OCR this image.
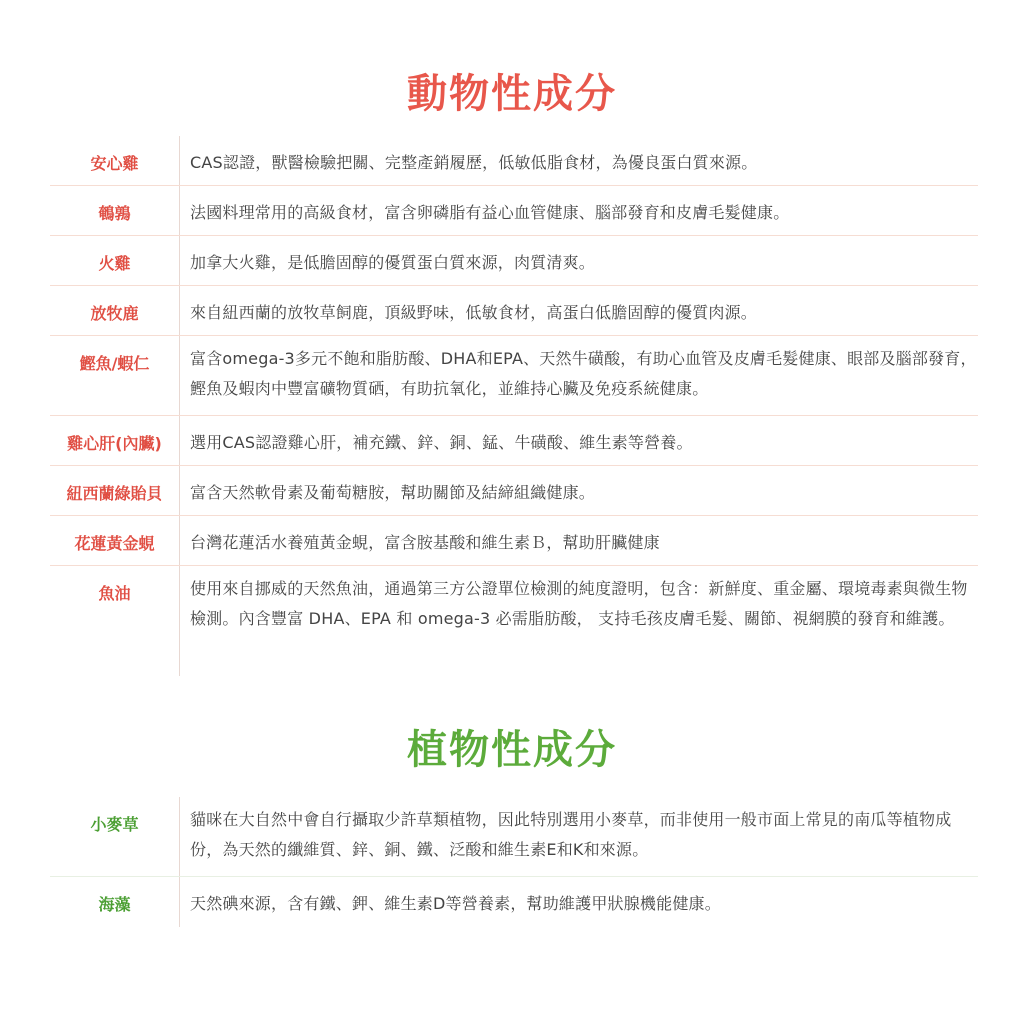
動物性成分
安心雞	CAS認證，獸醫檢驗把關、完整產銷履歷，低敏低脂食材，為優良蛋白質來源。
鵪鶉	法國料理常用的高級食材，富含卵磷脂有益心血管健康、腦部發育和皮膚毛髮健康。
火雞	加拿大火雞，是低膽固醇的優質蛋白質來源，肉質清爽。
放牧鹿	來自紐西蘭的放牧草飼鹿，頂級野味，低敏食材，高蛋白低膽固醇的優質肉源。
鰹魚/蝦仁	富含omega-3多元不飽和脂肪酸、DHA和EPA、天然牛磺酸，有助心血管及皮膚毛髮健康、眼部及腦部發育，鰹魚及蝦肉中豐富礦物質硒，有助抗氧化，並維持心臟及免疫系統健康。
雞心肝(內臟)	選用CAS認證雞心肝，補充鐵、鋅、銅、錳、牛磺酸、維生素等營養。
紐西蘭綠貽貝	富含天然軟骨素及葡萄糖胺，幫助關節及結締組織健康。
花蓮黃金蜆	台灣花蓮活水養殖黃金蜆，富含胺基酸和維生素Ｂ，幫助肝臟健康
魚油	使用來自挪威的天然魚油，通過第三方公證單位檢測的純度證明，包含：新鮮度、重金屬、環境毒素與微生物檢測。內含豐富 DHA、EPA 和 omega-3 必需脂肪酸， 支持毛孩皮膚毛髮、關節、視網膜的發育和維護。
植物性成分
小麥草	貓咪在大自然中會自行攝取少許草類植物，因此特別選用小麥草，而非使用一般市面上常見的南瓜等植物成份，為天然的纖維質、鋅、銅、鐵、泛酸和維生素E和K和來源。
海藻	天然碘來源，含有鐵、鉀、維生素D等營養素，幫助維護甲狀腺機能健康。
